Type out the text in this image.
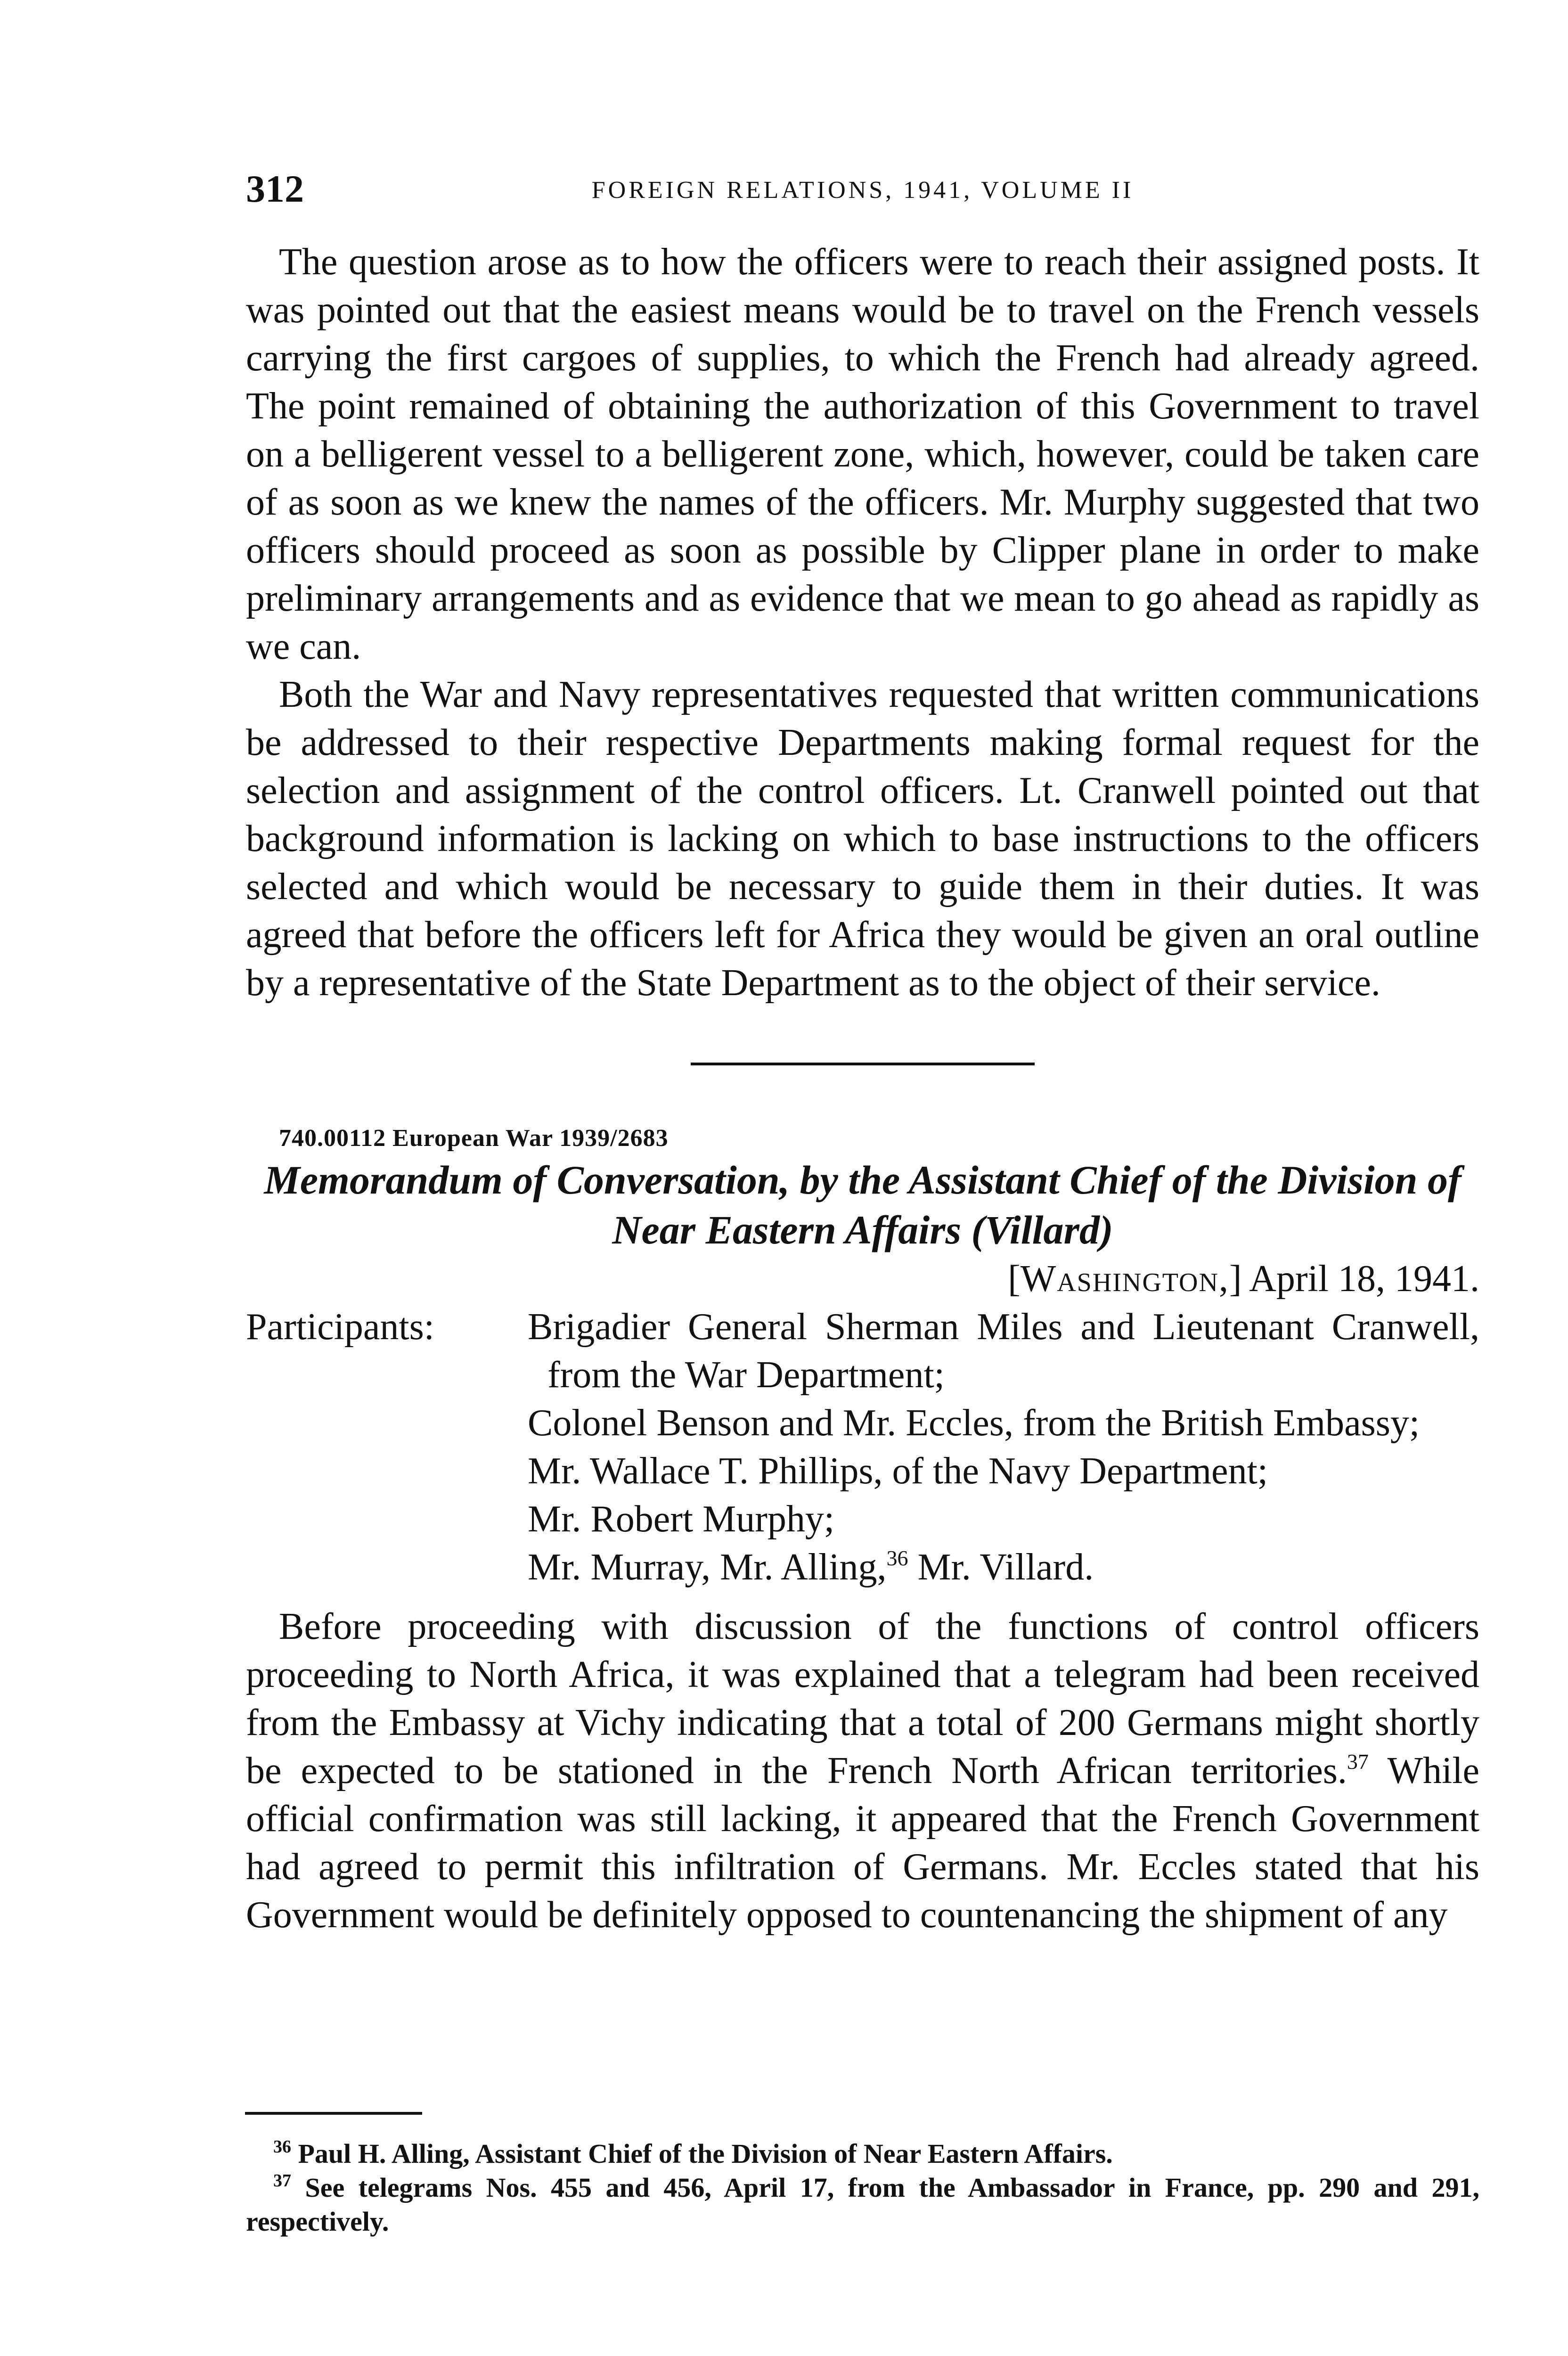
312	FOREIGN RELATIONS, 1941, VOLUME II

The question arose as to how the officers were to reach their assigned posts. It was pointed out that the easiest means would be to travel on the French vessels carrying the first cargoes of supplies, to which the French had already agreed. The point remained of obtaining the authorization of this Government to travel on a belligerent vessel to a belligerent zone, which, however, could be taken care of as soon as we knew the names of the officers. Mr. Murphy suggested that two officers should proceed as soon as possible by Clipper plane in order to make preliminary arrangements and as evidence that we mean to go ahead as rapidly as we can.

Both the War and Navy representatives requested that written communications be addressed to their respective Departments making formal request for the selection and assignment of the control officers. Lt. Cranwell pointed out that background information is lacking on which to base instructions to the officers selected and which would be necessary to guide them in their duties. It was agreed that before the officers left for Africa they would be given an oral outline by a representative of the State Department as to the object of their service.

740.00112 European War 1939/2683

Memorandum of Conversation, by the Assistant Chief of the Division of Near Eastern Affairs (Villard)

[Washington,] April 18, 1941.

Participants:	Brigadier General Sherman Miles and Lieutenant Cranwell, from the War Department;
Colonel Benson and Mr. Eccles, from the British Embassy;
Mr. Wallace T. Phillips, of the Navy Department;
Mr. Robert Murphy;
Mr. Murray, Mr. Alling,$^{36}$ Mr. Villard.

Before proceeding with discussion of the functions of control officers proceeding to North Africa, it was explained that a telegram had been received from the Embassy at Vichy indicating that a total of 200 Germans might shortly be expected to be stationed in the French North African territories.$^{37}$ While official confirmation was still lacking, it appeared that the French Government had agreed to permit this infiltration of Germans. Mr. Eccles stated that his Government would be definitely opposed to countenancing the shipment of any

$^{36}$ Paul H. Alling, Assistant Chief of the Division of Near Eastern Affairs.

$^{37}$ See telegrams Nos. 455 and 456, April 17, from the Ambassador in France, pp. 290 and 291, respectively.
